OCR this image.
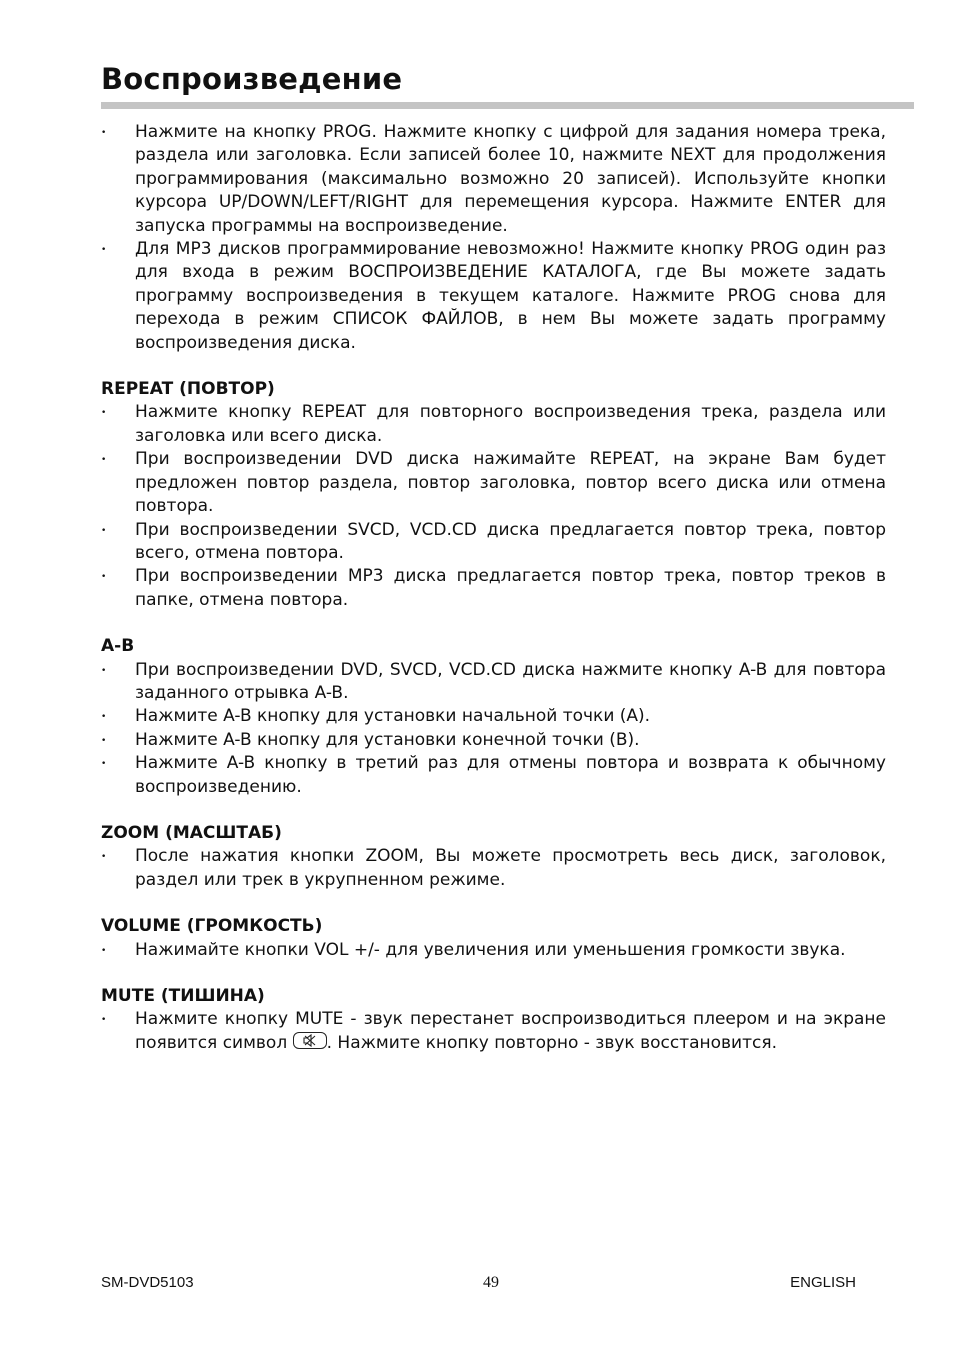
Воспроизведение
• Нажмите на кнопку PROG. Нажмите кнопку с цифрой для задания номера трека, раздела или заголовка. Если записей более 10, нажмите NEXT для продолжения программирования (максимально возможно 20 записей). Используйте кнопки курсора UP/DOWN/LEFT/RIGHT для перемещения курсора. Нажмите ENTER для запуска программы на воспроизведение.
• Для МР3 дисков программирование невозможно! Нажмите кнопку PROG один раз для входа в режим ВОСПРОИЗВЕДЕНИЕ КАТАЛОГА, где Вы можете задать программу воспроизведения в текущем каталоге. Нажмите PROG снова для перехода в режим СПИСОК ФАЙЛОВ, в нем Вы можете задать программу воспроизведения диска.
REPEAT (ПОВТОР)
• Нажмите кнопку REPEAT для повторного воспроизведения трека, раздела или заголовка или всего диска.
• При воспроизведении DVD диска нажимайте REPEAT, на экране Вам будет предложен повтор раздела, повтор заголовка, повтор всего диска или отмена повтора.
• При воспроизведении SVCD, VCD.CD диска предлагается повтор трека, повтор всего, отмена повтора.
• При воспроизведении МР3 диска предлагается повтор трека, повтор треков в папке, отмена повтора.
A-B
• При воспроизведении DVD, SVCD, VCD.CD диска нажмите кнопку A-B для повтора заданного отрывка A-B.
• Нажмите A-B кнопку для установки начальной точки (А).
• Нажмите A-B кнопку для установки конечной точки (В).
• Нажмите A-B кнопку в третий раз для отмены повтора и возврата к обычному воспроизведению.
ZOOM (МАСШТАБ)
• После нажатия кнопки ZOOM, Вы можете просмотреть весь диск, заголовок, раздел или трек в укрупненном режиме.
VOLUME (ГРОМКОСТЬ)
• Нажимайте кнопки VOL +/- для увеличения или уменьшения громкости звука.
MUTE (ТИШИНА)
• Нажмите кнопку MUTE - звук перестанет воспроизводиться плеером и на экране появится символ
. Нажмите кнопку повторно - звук восстановится.
SM-DVD5103	49	ENGLISH
